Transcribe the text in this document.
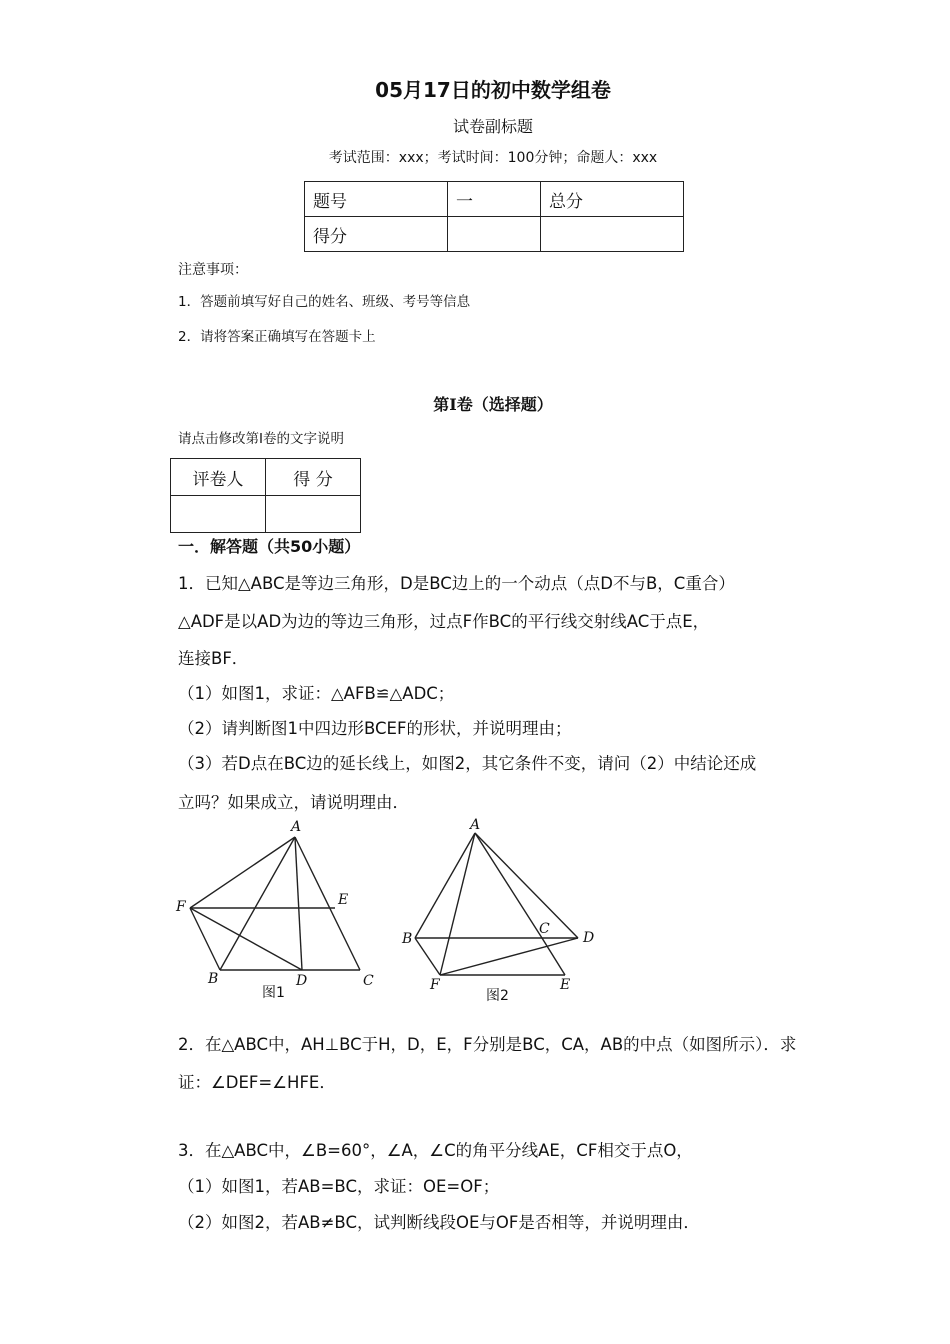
05月17日的初中数学组卷
试卷副标题
考试范围：xxx；考试时间：100分钟；命题人：xxx
题号	一	总分
得分		
注意事项：
1．答题前填写好自己的姓名、班级、考号等信息
2．请将答案正确填写在答题卡上
第Ⅰ卷（选择题）
请点击修改第I卷的文字说明
评卷人	得 分

一．解答题（共50小题）
1．已知△ABC是等边三角形，D是BC边上的一个动点（点D不与B，C重合）
△ADF是以AD为边的等边三角形，过点F作BC的平行线交射线AC于点E，
连接BF．
（1）如图1，求证：△AFB≌△ADC；
（2）请判断图1中四边形BCEF的形状，并说明理由；
（3）若D点在BC边的延长线上，如图2，其它条件不变，请问（2）中结论还成
立吗？如果成立，请说明理由．
A
F	E
B	D	C
图1
A
B
C
D
F	E
图2
2．在△ABC中，AH⊥BC于H，D，E，F分别是BC，CA，AB的中点（如图所示）．求
证：∠DEF=∠HFE．
3．在△ABC中，∠B=60°，∠A，∠C的角平分线AE，CF相交于点O，
（1）如图1，若AB=BC，求证：OE=OF；
（2）如图2，若AB≠BC，试判断线段OE与OF是否相等，并说明理由．
